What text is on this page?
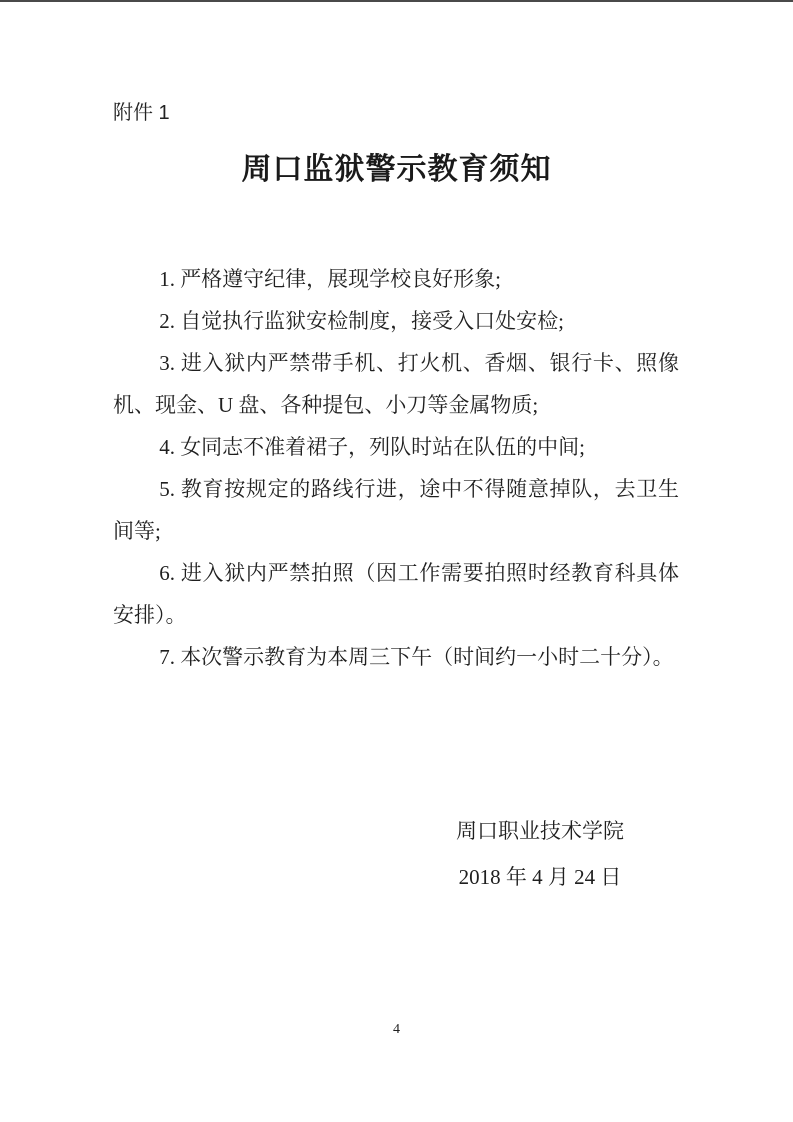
附件 1
周口监狱警示教育须知

1. 严格遵守纪律，展现学校良好形象;

2. 自觉执行监狱安检制度，接受入口处安检;

3. 进入狱内严禁带手机、打火机、香烟、银行卡、照像机、现金、U 盘、各种提包、小刀等金属物质;

4. 女同志不准着裙子，列队时站在队伍的中间;

5. 教育按规定的路线行进，途中不得随意掉队，去卫生间等;

6. 进入狱内严禁拍照（因工作需要拍照时经教育科具体安排）。

7. 本次警示教育为本周三下午（时间约一小时二十分）。

周口职业技术学院
2018 年 4 月 24 日
4
